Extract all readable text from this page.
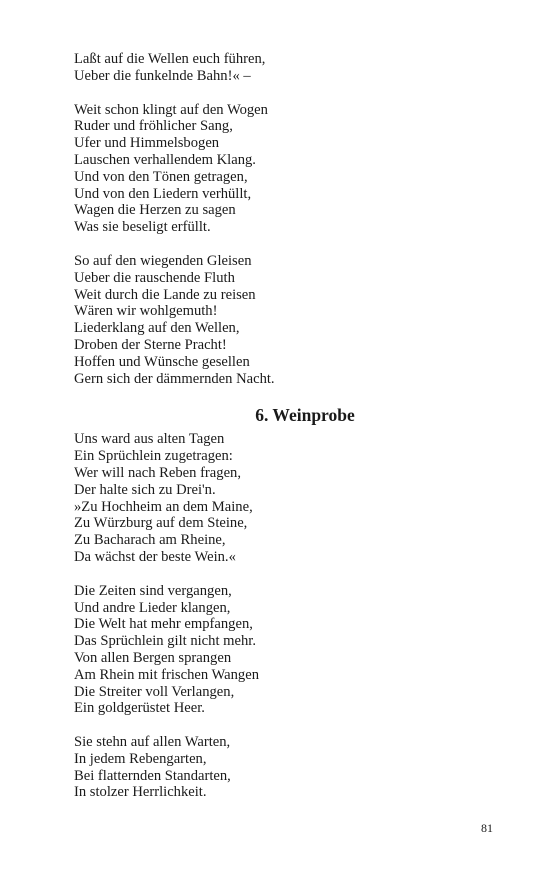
Laßt auf die Wellen euch führen,
Ueber die funkelnde Bahn!« –
Weit schon klingt auf den Wogen
Ruder und fröhlicher Sang,
Ufer und Himmelsbogen
Lauschen verhallendem Klang.
Und von den Tönen getragen,
Und von den Liedern verhüllt,
Wagen die Herzen zu sagen
Was sie beseligt erfüllt.
So auf den wiegenden Gleisen
Ueber die rauschende Fluth
Weit durch die Lande zu reisen
Wären wir wohlgemuth!
Liederklang auf den Wellen,
Droben der Sterne Pracht!
Hoffen und Wünsche gesellen
Gern sich der dämmernden Nacht.
6. Weinprobe
Uns ward aus alten Tagen
Ein Sprüchlein zugetragen:
Wer will nach Reben fragen,
Der halte sich zu Drei'n.
»Zu Hochheim an dem Maine,
Zu Würzburg auf dem Steine,
Zu Bacharach am Rheine,
Da wächst der beste Wein.«
Die Zeiten sind vergangen,
Und andre Lieder klangen,
Die Welt hat mehr empfangen,
Das Sprüchlein gilt nicht mehr.
Von allen Bergen sprangen
Am Rhein mit frischen Wangen
Die Streiter voll Verlangen,
Ein goldgerüstet Heer.
Sie stehn auf allen Warten,
In jedem Rebengarten,
Bei flatternden Standarten,
In stolzer Herrlichkeit.
81
